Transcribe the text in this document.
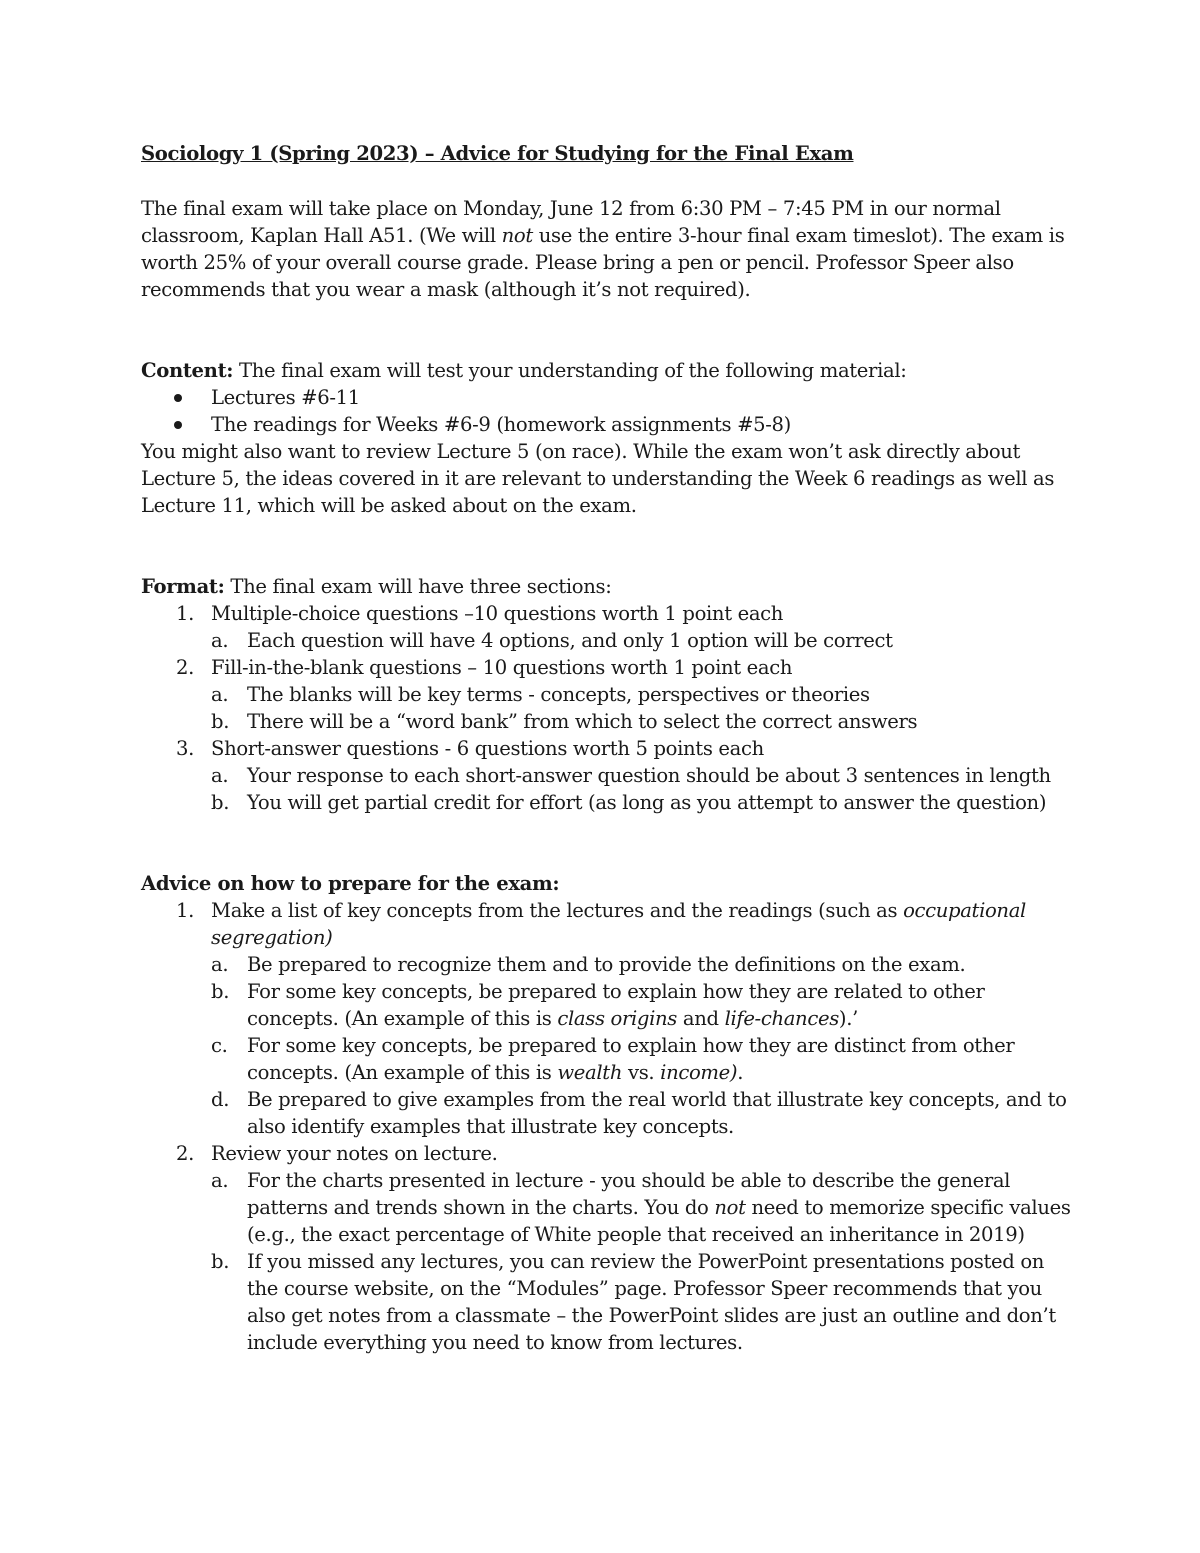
Sociology 1 (Spring 2023) – Advice for Studying for the Final Exam

The final exam will take place on Monday, June 12 from 6:30 PM – 7:45 PM in our normal classroom, Kaplan Hall A51. (We will not use the entire 3-hour final exam timeslot). The exam is worth 25% of your overall course grade. Please bring a pen or pencil. Professor Speer also recommends that you wear a mask (although it’s not required).

Content: The final exam will test your understanding of the following material:

Lectures #6-11
The readings for Weeks #6-9 (homework assignments #5-8)

You might also want to review Lecture 5 (on race). While the exam won’t ask directly about Lecture 5, the ideas covered in it are relevant to understanding the Week 6 readings as well as Lecture 11, which will be asked about on the exam.

Format: The final exam will have three sections:

1. Multiple-choice questions –10 questions worth 1 point each
a. Each question will have 4 options, and only 1 option will be correct
2. Fill-in-the-blank questions – 10 questions worth 1 point each
a. The blanks will be key terms - concepts, perspectives or theories
b. There will be a “word bank” from which to select the correct answers
3. Short-answer questions - 6 questions worth 5 points each
a. Your response to each short-answer question should be about 3 sentences in length
b. You will get partial credit for effort (as long as you attempt to answer the question)

Advice on how to prepare for the exam:

1. Make a list of key concepts from the lectures and the readings (such as occupational segregation)
a. Be prepared to recognize them and to provide the definitions on the exam.
b. For some key concepts, be prepared to explain how they are related to other concepts. (An example of this is class origins and life-chances).’
c. For some key concepts, be prepared to explain how they are distinct from other concepts. (An example of this is wealth vs. income).
d. Be prepared to give examples from the real world that illustrate key concepts, and to also identify examples that illustrate key concepts.
2. Review your notes on lecture.
a. For the charts presented in lecture - you should be able to describe the general patterns and trends shown in the charts. You do not need to memorize specific values (e.g., the exact percentage of White people that received an inheritance in 2019)
b. If you missed any lectures, you can review the PowerPoint presentations posted on the course website, on the “Modules” page. Professor Speer recommends that you also get notes from a classmate – the PowerPoint slides are just an outline and don’t include everything you need to know from lectures.
